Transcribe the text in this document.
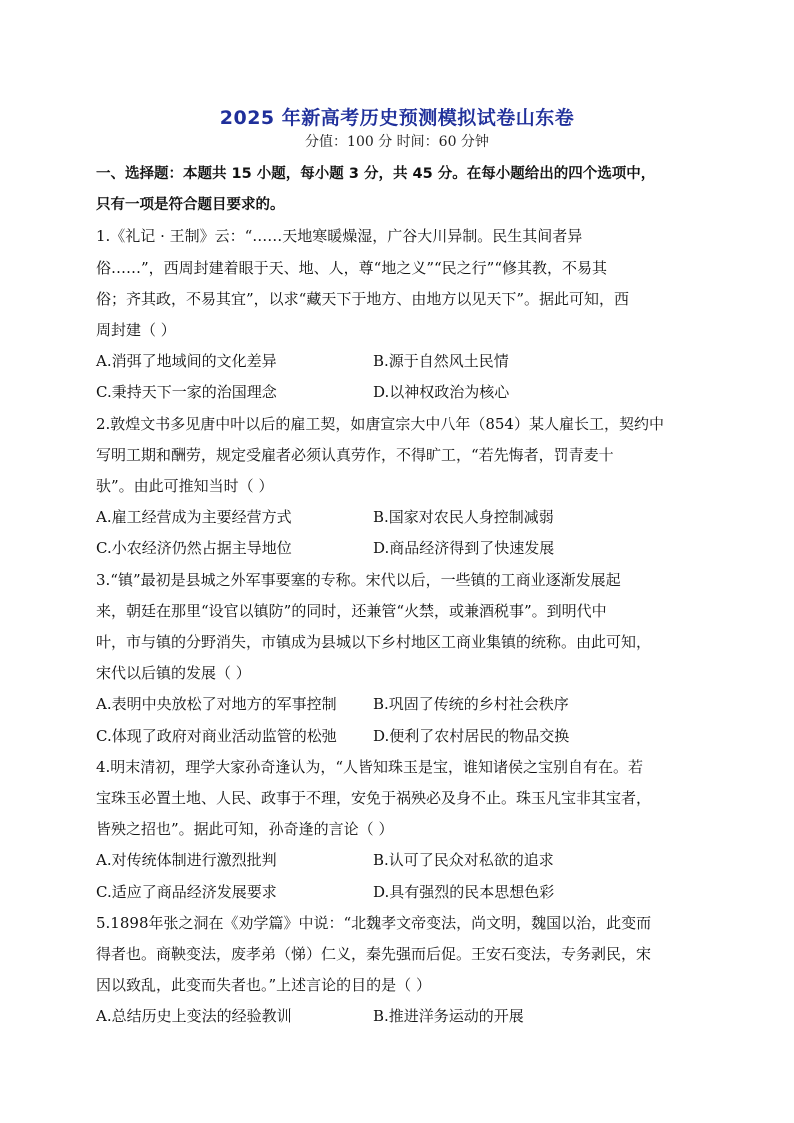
2025 年新高考历史预测模拟试卷山东卷
分值：100 分 时间：60 分钟
一、选择题：本题共 15 小题，每小题 3 分，共 45 分。在每小题给出的四个选项中，
只有一项是符合题目要求的。
1.《礼记 · 王制》云：“……天地寒暖燥湿，广谷大川异制。民生其间者异
俗……”，西周封建着眼于天、地、人，尊“地之义”“民之行”“修其教，不易其
俗；齐其政，不易其宜”，以求“藏天下于地方、由地方以见天下”。据此可知，西
周封建（ ）
A.消弭了地域间的文化差异	B.源于自然风土民情
C.秉持天下一家的治国理念	D.以神权政治为核心
2.敦煌文书多见唐中叶以后的雇工契，如唐宣宗大中八年（854）某人雇长工，契约中
写明工期和酬劳，规定受雇者必须认真劳作，不得旷工，“若先悔者，罚青麦十
驮”。由此可推知当时（ ）
A.雇工经营成为主要经营方式	B.国家对农民人身控制减弱
C.小农经济仍然占据主导地位	D.商品经济得到了快速发展
3.“镇”最初是县城之外军事要塞的专称。宋代以后，一些镇的工商业逐渐发展起
来，朝廷在那里“设官以镇防”的同时，还兼管“火禁，或兼酒税事”。到明代中
叶，市与镇的分野消失，市镇成为县城以下乡村地区工商业集镇的统称。由此可知，
宋代以后镇的发展（ ）
A.表明中央放松了对地方的军事控制	B.巩固了传统的乡村社会秩序
C.体现了政府对商业活动监管的松弛	D.便利了农村居民的物品交换
4.明末清初，理学大家孙奇逢认为，“人皆知珠玉是宝，谁知诸侯之宝别自有在。若
宝珠玉必置土地、人民、政事于不理，安免于祸殃必及身不止。珠玉凡宝非其宝者，
皆殃之招也”。据此可知，孙奇逢的言论（ ）
A.对传统体制进行激烈批判	B.认可了民众对私欲的追求
C.适应了商品经济发展要求	D.具有强烈的民本思想色彩
5.1898年张之洞在《劝学篇》中说：“北魏孝文帝变法，尚文明，魏国以治，此变而
得者也。商鞅变法，废孝弟（悌）仁义，秦先强而后促。王安石变法，专务剥民，宋
因以致乱，此变而失者也。”上述言论的目的是（ ）
A.总结历史上变法的经验教训	B.推进洋务运动的开展
